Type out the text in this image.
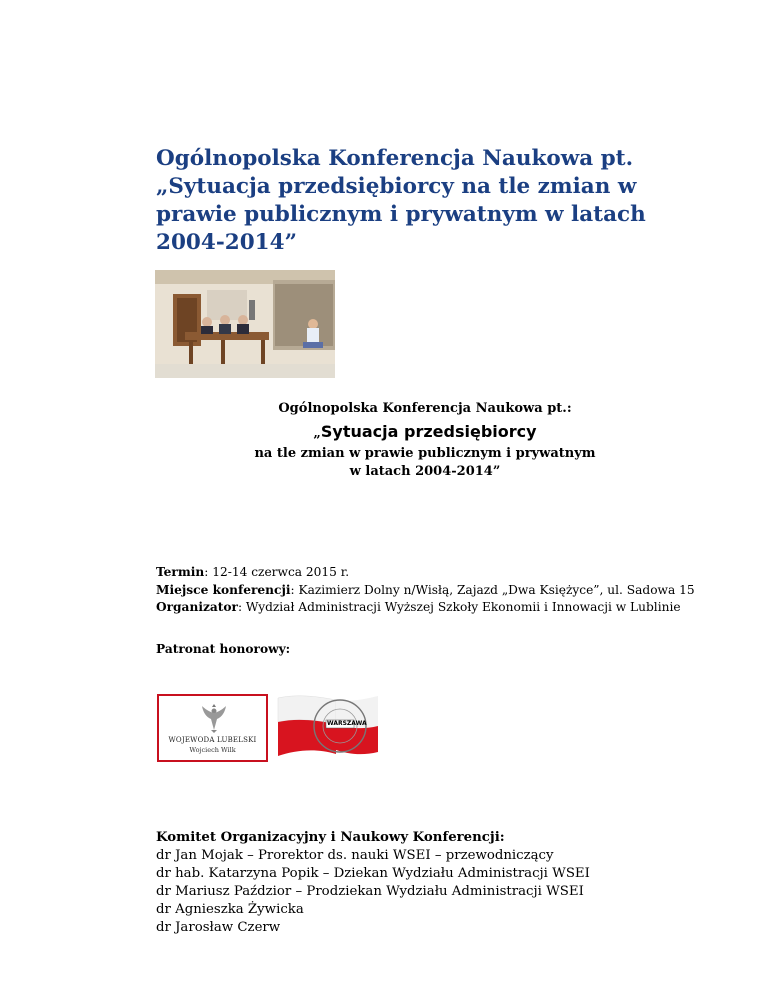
Ogólnopolska Konferencja Naukowa pt.
„Sytuacja przedsiębiorcy na tle zmian w
prawie publicznym i prywatnym w latach
2004-2014”
Ogólnopolska Konferencja Naukowa pt.:
„Sytuacja przedsiębiorcy
na tle zmian w prawie publicznym i prywatnym
w latach 2004-2014”
Termin: 12-14 czerwca 2015 r.
Miejsce konferencji: Kazimierz Dolny n/Wisłą, Zajazd „Dwa Księżyce”, ul. Sadowa 15
Organizator: Wydział Administracji Wyższej Szkoły Ekonomii i Innowacji w Lublinie
Patronat honorowy:
WOJEWODA LUBELSKI
Wojciech Wilk
WARSZAWA
Komitet Organizacyjny i Naukowy Konferencji:
dr Jan Mojak – Prorektor ds. nauki WSEI – przewodniczący
dr hab. Katarzyna Popik – Dziekan Wydziału Administracji WSEI
dr Mariusz Paździor – Prodziekan Wydziału Administracji WSEI
dr Agnieszka Żywicka
dr Jarosław Czerw
